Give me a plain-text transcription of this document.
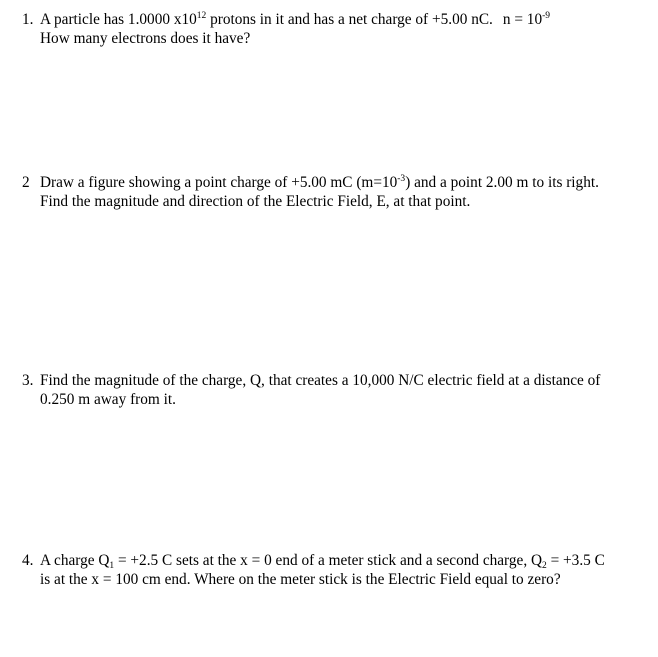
1. A particle has 1.0000 $x10^{12}$ protons in it and has a net charge of +5.00 nC. $n = 10^{-9}$
How many electrons does it have?
2 Draw a figure showing a point charge of +5.00 mC $(m=10^{-3})$ and a point 2.00 m to its right.
Find the magnitude and direction of the Electric Field, E, at that point.
3. Find the magnitude of the charge, Q, that creates a 10,000 N/C electric field at a distance of
0.250 m away from it.
4. A charge $Q_1 = +2.5$ C sets at the x = 0 end of a meter stick and a second charge, $Q_2 = +3.5$ C
is at the x = 100 cm end. Where on the meter stick is the Electric Field equal to zero?
